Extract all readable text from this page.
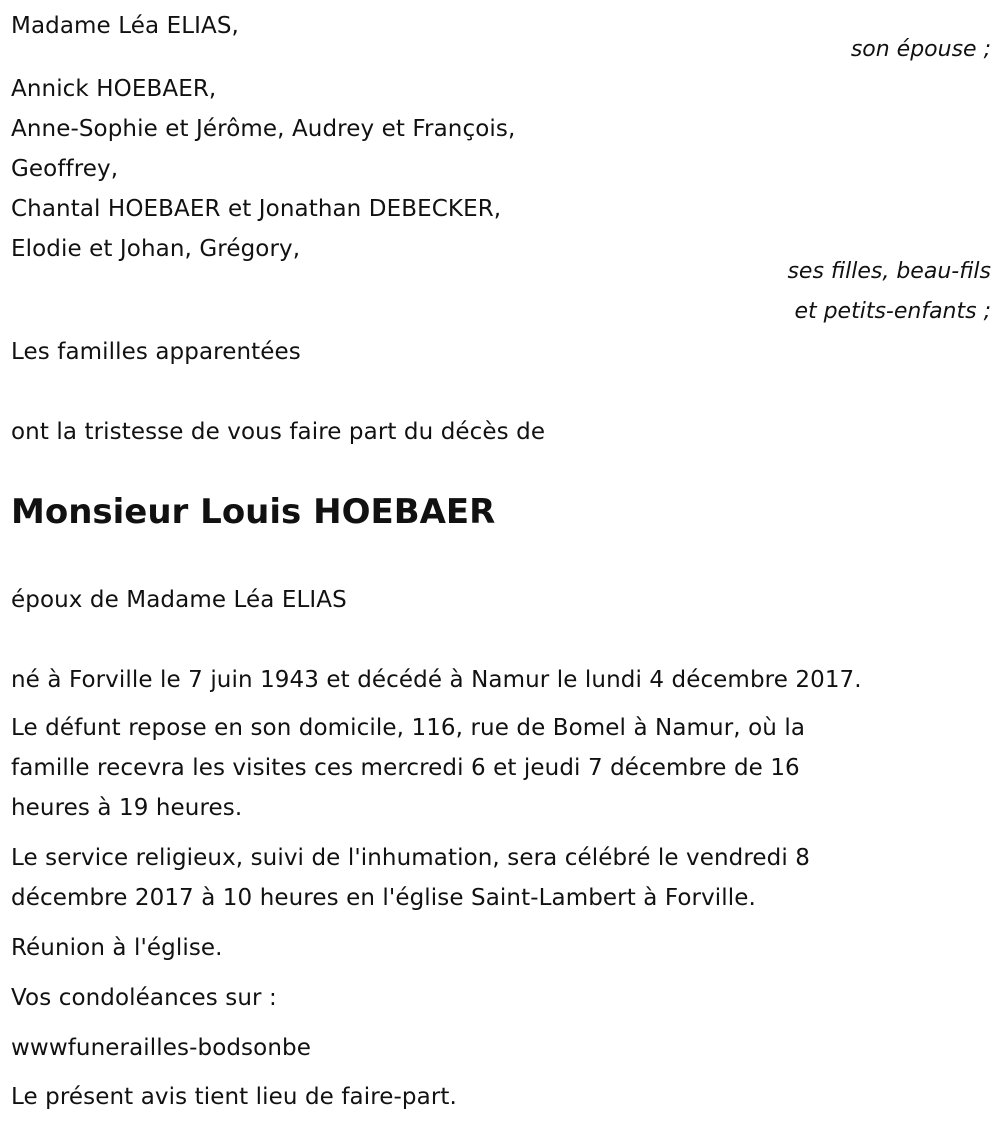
Madame Léa ELIAS,
son épouse ;
Annick HOEBAER,
Anne-Sophie et Jérôme, Audrey et François,
Geoffrey,
Chantal HOEBAER et Jonathan DEBECKER,
Elodie et Johan, Grégory,
ses filles, beau-fils
et petits-enfants ;
Les familles apparentées
ont la tristesse de vous faire part du décès de
Monsieur Louis HOEBAER
époux de Madame Léa ELIAS
né à Forville le 7 juin 1943 et décédé à Namur le lundi 4 décembre 2017.
Le défunt repose en son domicile, 116, rue de Bomel à Namur, où la
famille recevra les visites ces mercredi 6 et jeudi 7 décembre de 16
heures à 19 heures.
Le service religieux, suivi de l'inhumation, sera célébré le vendredi 8
décembre 2017 à 10 heures en l'église Saint-Lambert à Forville.
Réunion à l'église.
Vos condoléances sur :
wwwfunerailles-bodsonbe
Le présent avis tient lieu de faire-part.
